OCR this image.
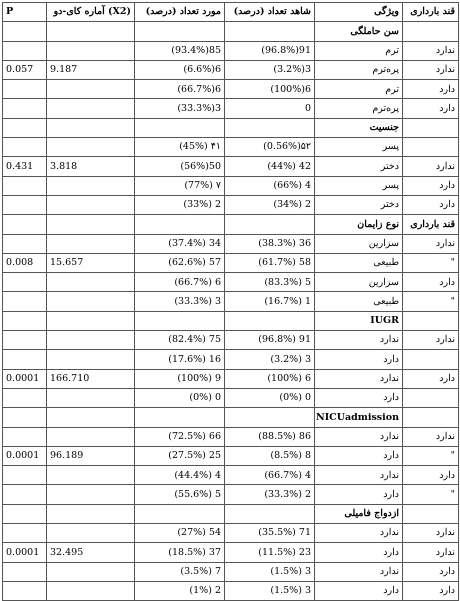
P	(X2) آماره کای-دو	مورد تعداد (درصد)	شاهد تعداد (درصد)	ویژگی	قند بارداری
				سن حاملگی	
		85(93.4%)	91(96.8%)	ترم	ندارد
0.057	9.187	6(6.6%)	3(3.2%)	پره‌ترم	ندارد
		6(66.7%)	6(100%)	ترم	دارد
		3(33.3%)	0	پره‌ترم	دارد
				جنسیت	
		۴۱ (45%)	۵۲(0.56%)	پسر	
0.431	3.818	50(56%)	42 (44%)	دختر	ندارد
		۷ (77%)	4 (66%)	پسر	دارد
		2 (33%)	2 (34%)	دختر	دارد
				نوع زایمان	قند بارداری
		34 (37.4%)	36 (38.3%)	سزارین	ندارد
0.008	15.657	57 (62.6%)	58 (61.7%)	طبیعی	"
		6 (66.7%)	5 (83.3%)	سزارین	دارد
		3 (33.3%)	1 (16.7%)	طبیعی	"
				IUGR	
		75 (82.4%)	91 (96.8%)	ندارد	ندارد
		16 (17.6%)	3 (3.2%)	دارد	
0.0001	166.710	9 (100%)	6 (100%)	ندارد	دارد
		0 (0%)	0 (0%)	دارد	
				NICUadmission	
		66 (72.5%)	86 (88.5%)	ندارد	ندارد
0.0001	96.189	25 (27.5%)	8 (8.5%)	دارد	"
		4 (44.4%)	4 (66.7%)	ندارد	دارد
		5 (55.6%)	2 (33.3%)	دارد	"
				ازدواج فامیلی	
		54 (27%)	71 (35.5%)	ندارد	ندارد
0.0001	32.495	37 (18.5%)	23 (11.5%)	دارد	ندارد
		7 (3.5%)	3 (1.5%)	ندارد	دارد
		2 (1%)	3 (1.5%)	دارد	دارد
